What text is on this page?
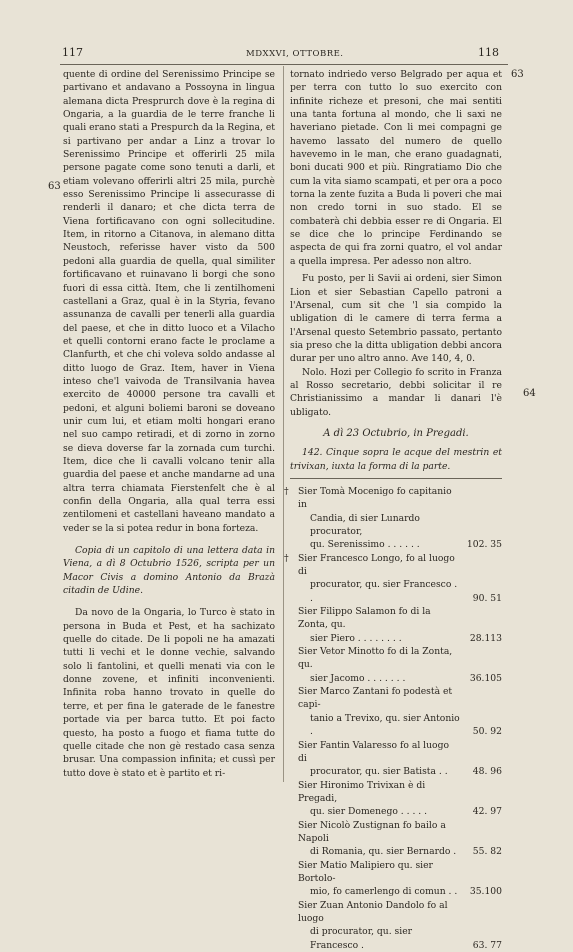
117	MDXXVI, OTTOBRE.	118
63
63
64

quente di ordine del Serenissimo Principe se partivano et andavano a Possoyna in lingua alemana dicta Presprurch dove è la regina di Ongaria, a la guardia de le terre franche li quali erano stati a Prespurch da la Regina, et si partivano per andar a Linz a trovar lo Serenissimo Principe et offerirli 25 mila persone pagate come sono tenuti a darli, et etiam volevano offerirli altri 25 mila, purchè esso Serenissimo Principe li assecurasse di renderli il danaro; et che dicta terra de Viena fortificavano con ogni sollecitudine. Item, in ritorno a Citanova, in alemano ditta Neustoch, referisse haver visto da 500 pedoni alla guardia de quella, qual similiter fortificavano et ruinavano li borgi che sono fuori di essa città. Item, che li zentilhomeni castellani a Graz, qual è in la Styria, fevano assunanza de cavalli per tenerli alla guardia del paese, et che in ditto luoco et a Vilacho et quelli contorni erano facte le proclame a Clanfurth, et che chi voleva soldo andasse al ditto luogo de Graz. Item, haver in Viena inteso che'l vaivoda de Transilvania havea exercito de 40000 persone tra cavalli et pedoni, et alguni boliemi baroni se doveano unir cum lui, et etiam molti hongari erano nel suo campo retiradi, et di zorno in zorno se dieva doverse far la zornada cum turchi. Item, dice che li cavalli volcano tenir alla guardia del paese et anche mandarne ad una altra terra chiamata Fierstenfelt che è al confin della Ongaria, alla qual terra essi zentilomeni et castellani haveano mandato a veder se la si potea redur in bona forteza.

Copia di un capitolo di una lettera data in Viena, a dì 8 Octubrio 1526, scripta per un Macor Civis a domino Antonio da Brazà citadin de Udine.

Da novo de la Ongaria, lo Turco è stato in persona in Buda et Pest, et ha sachizato quelle do citade. De li popoli ne ha amazati tutti li vechi et le donne vechie, salvando solo li fantolini, et quelli menati via con le donne zovene, et infiniti inconvenienti. Infinita roba hanno trovato in quelle do terre, et per fina le gaterade de le fanestre portade via per barca tutto. Et poi facto questo, ha posto a fuogo et fiama tutte do quelle citade che non gè restado casa senza brusar. Una compassion infinita; et cussì per tutto dove è stato et è partito et ri-

tornato indriedo verso Belgrado per aqua et per terra con tutto lo suo exercito con infinite richeze et presoni, che mai sentiti una tanta fortuna al mondo, che li saxi ne haveriano pietade. Con li mei compagni ge havemo lassato del numero de quello havevemo in le man, che erano guadagnati, boni ducati 900 et più. Ringratiamo Dio che cum la vita siamo scampati, et per ora a poco torna la zente fuzita a Buda li poveri che mai non credo torni in suo stado. El se combaterà chi debbia esser re di Ongaria. El se dice che lo principe Ferdinando se aspecta de qui fra zorni quatro, el vol andar a quella impresa. Per adesso non altro.

Fu posto, per li Savii ai ordeni, sier Simon Lion et sier Sebastian Capello patroni a l'Arsenal, cum sit che 'l sia compido la ubligation di le camere di terra ferma a l'Arsenal questo Setembrio passato, pertanto sia preso che la ditta ubligation debbi ancora durar per uno altro anno. Ave 140, 4, 0.

Nolo. Hozi per Collegio fo scrito in Franza al Rosso secretario, debbi solicitar il re Christianissimo a mandar li danari l'è ubligato.

A dì 23 Octubrio, in Pregadi.

142. Cinque sopra le acque del mestrin et trivixan, iuxta la forma di la parte.

† Sier Tomà Mocenigo fo capitanio in
Candia, di sier Lunardo procurator,
qu. Serenissimo . . . . . .	102. 35
† Sier Francesco Longo, fo al luogo di
procurator, qu. sier Francesco . .	90. 51
Sier Filippo Salamon fo di la Zonta, qu.
sier Piero . . . . . . . .	28.113
Sier Vetor Minotto fo di la Zonta, qu.
sier Jacomo . . . . . . .	36.105
Sier Marco Zantani fo podestà et capi-
tanio a Trevixo, qu. sier Antonio .	50. 92
Sier Fantin Valaresso fo al luogo di
procurator, qu. sier Batista . .	48. 96
Sier Hironimo Trivixan è di Pregadi,
qu. sier Domenego . . . . .	42. 97
Sier Nicolò Zustignan fo bailo a Napoli
di Romania, qu. sier Bernardo . 55. 82
Sier Matio Malipiero qu. sier Bortolo-
mio, fo camerlengo di comun . . 35.100
Sier Zuan Antonio Dandolo fo al luogo
di procurator, qu. sier Francesco .	63. 77
